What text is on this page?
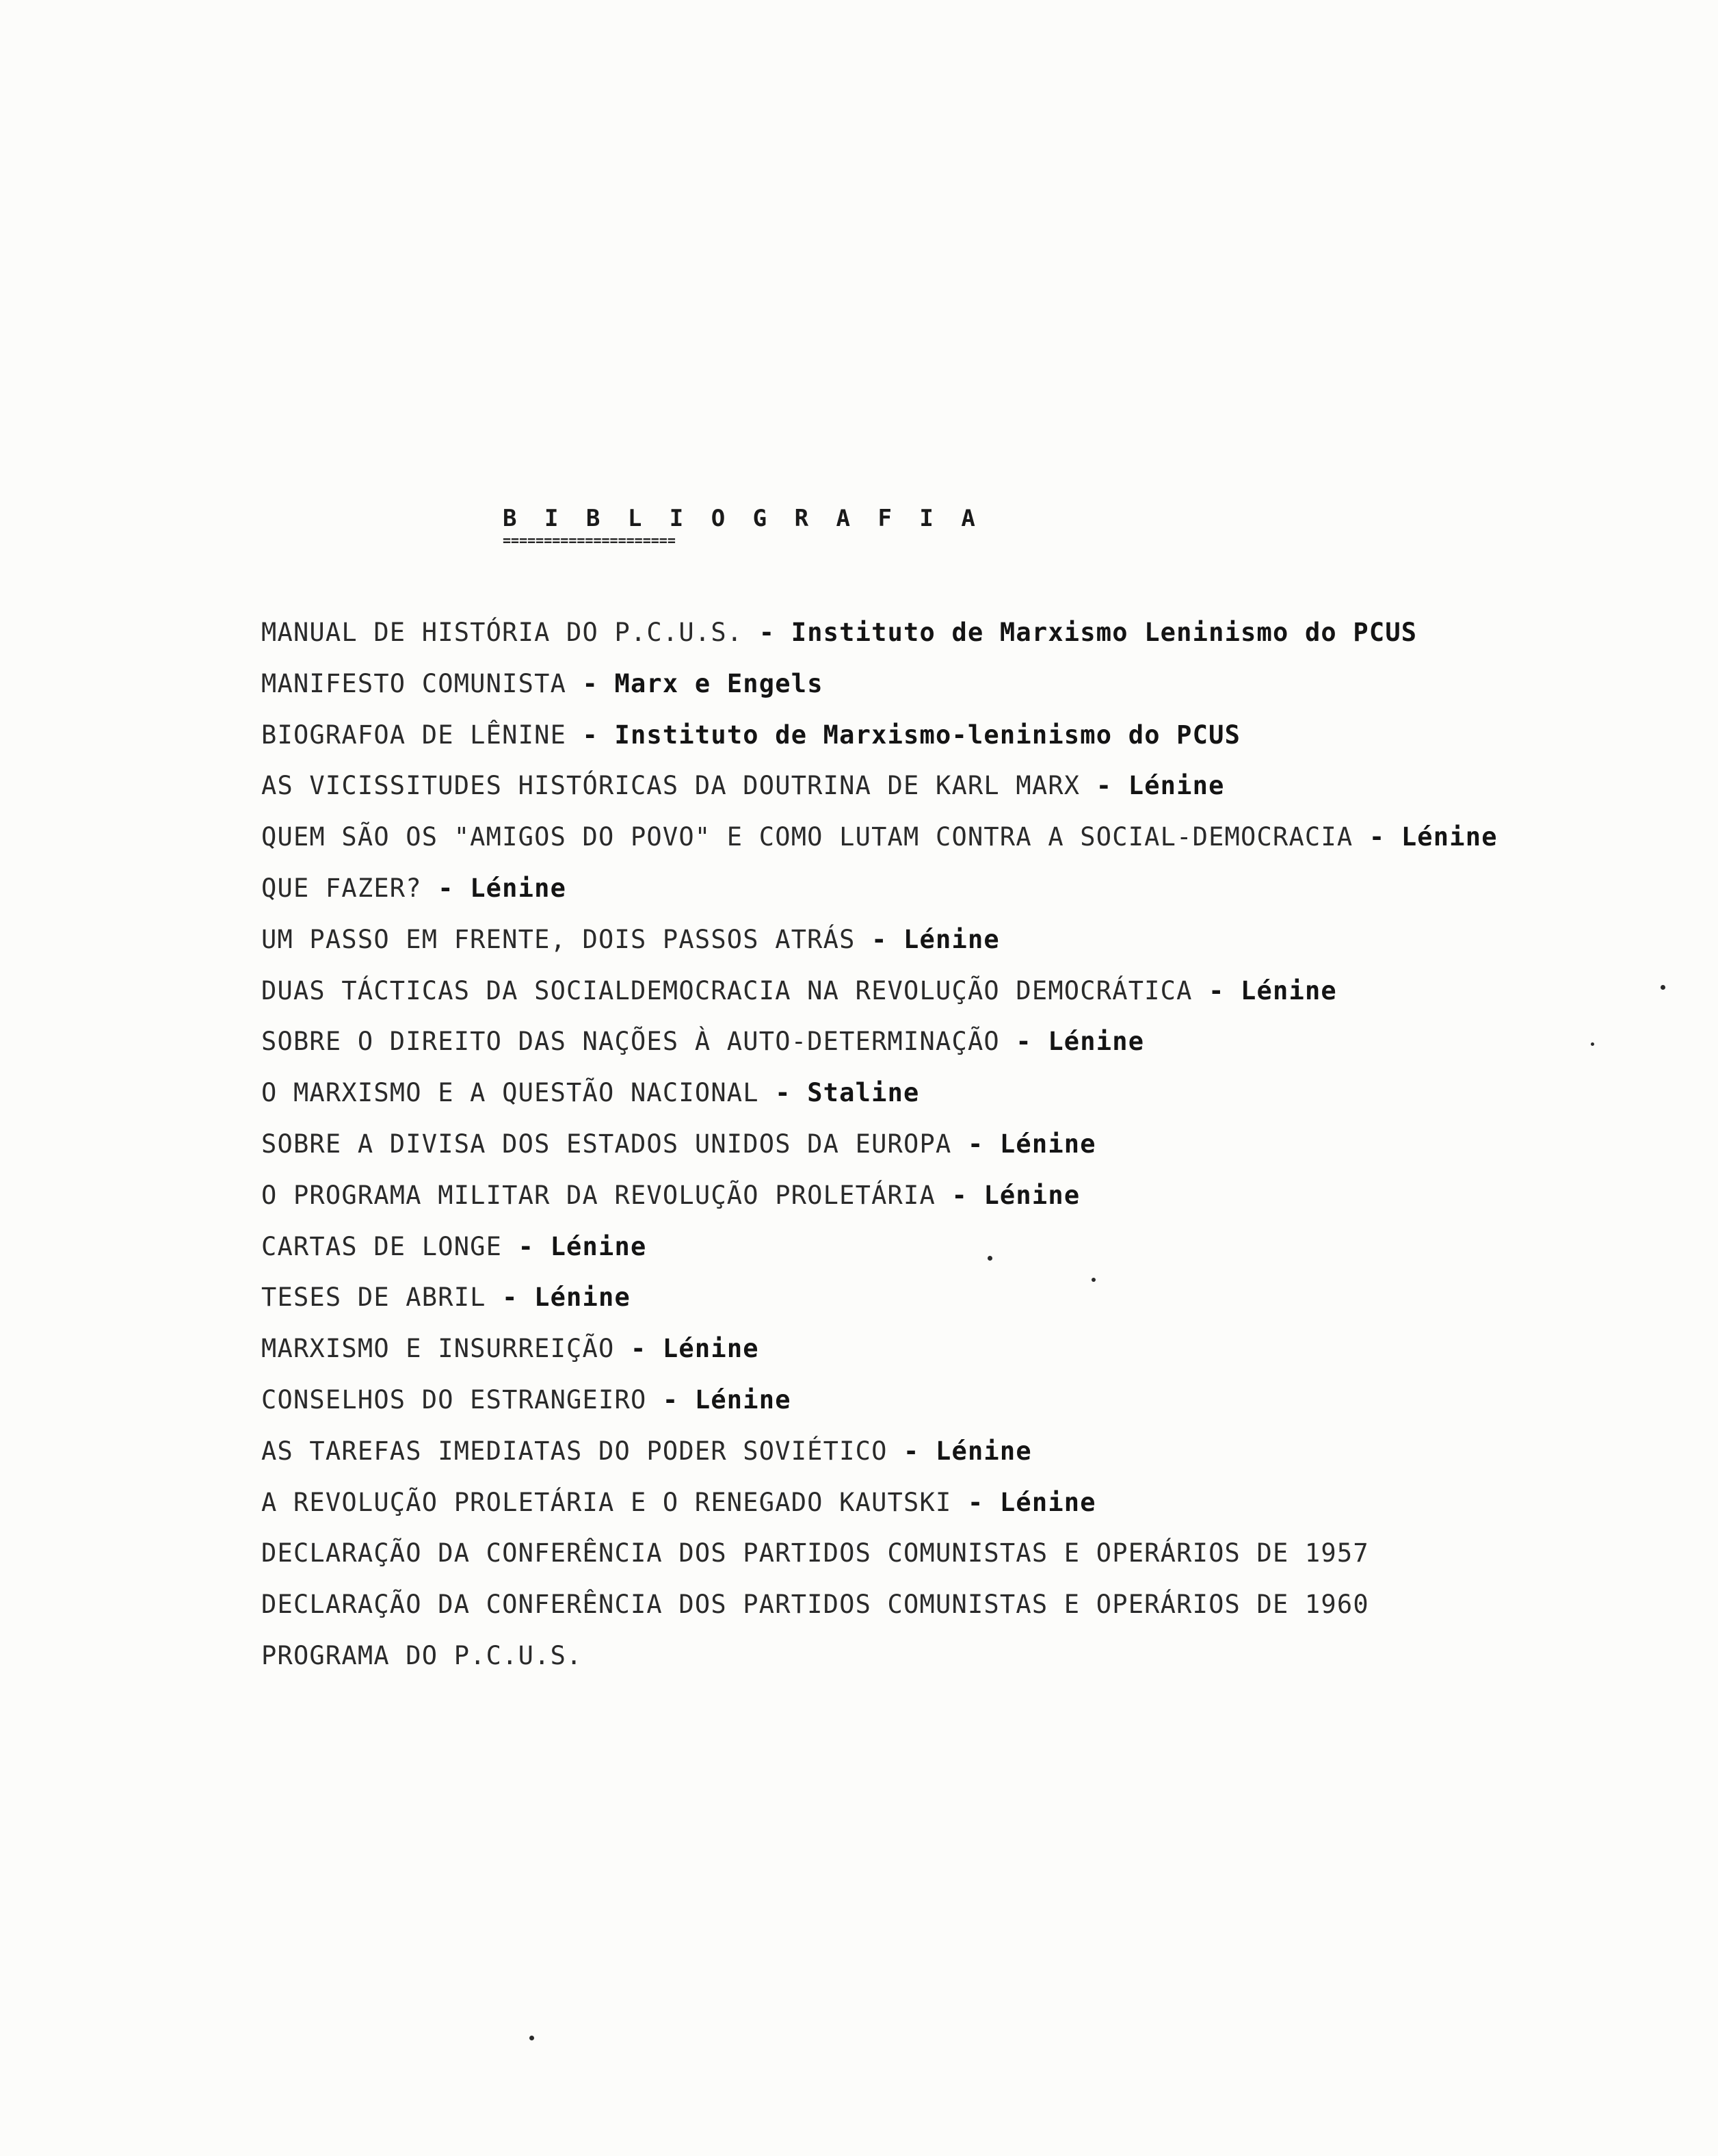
B I B L I O G R A F I A
=====================
MANUAL DE HISTÓRIA DO P.C.U.S. - Instituto de Marxismo Leninismo do PCUS
MANIFESTO COMUNISTA - Marx e Engels
BIOGRAFOA DE LÊNINE - Instituto de Marxismo-leninismo do PCUS
AS VICISSITUDES HISTÓRICAS DA DOUTRINA DE KARL MARX - Lénine
QUEM SÃO OS "AMIGOS DO POVO" E COMO LUTAM CONTRA A SOCIAL-DEMOCRACIA - Lénine
QUE FAZER? - Lénine
UM PASSO EM FRENTE, DOIS PASSOS ATRÁS - Lénine
DUAS TÁCTICAS DA SOCIALDEMOCRACIA NA REVOLUÇÃO DEMOCRÁTICA - Lénine
SOBRE O DIREITO DAS NAÇÕES À AUTO-DETERMINAÇÃO - Lénine
O MARXISMO E A QUESTÃO NACIONAL - Staline
SOBRE A DIVISA DOS ESTADOS UNIDOS DA EUROPA - Lénine
O PROGRAMA MILITAR DA REVOLUÇÃO PROLETÁRIA - Lénine
CARTAS DE LONGE - Lénine
TESES DE ABRIL - Lénine
MARXISMO E INSURREIÇÃO - Lénine
CONSELHOS DO ESTRANGEIRO - Lénine
AS TAREFAS IMEDIATAS DO PODER SOVIÉTICO - Lénine
A REVOLUÇÃO PROLETÁRIA E O RENEGADO KAUTSKI - Lénine
DECLARAÇÃO DA CONFERÊNCIA DOS PARTIDOS COMUNISTAS E OPERÁRIOS DE 1957
DECLARAÇÃO DA CONFERÊNCIA DOS PARTIDOS COMUNISTAS E OPERÁRIOS DE 1960
PROGRAMA DO P.C.U.S.
